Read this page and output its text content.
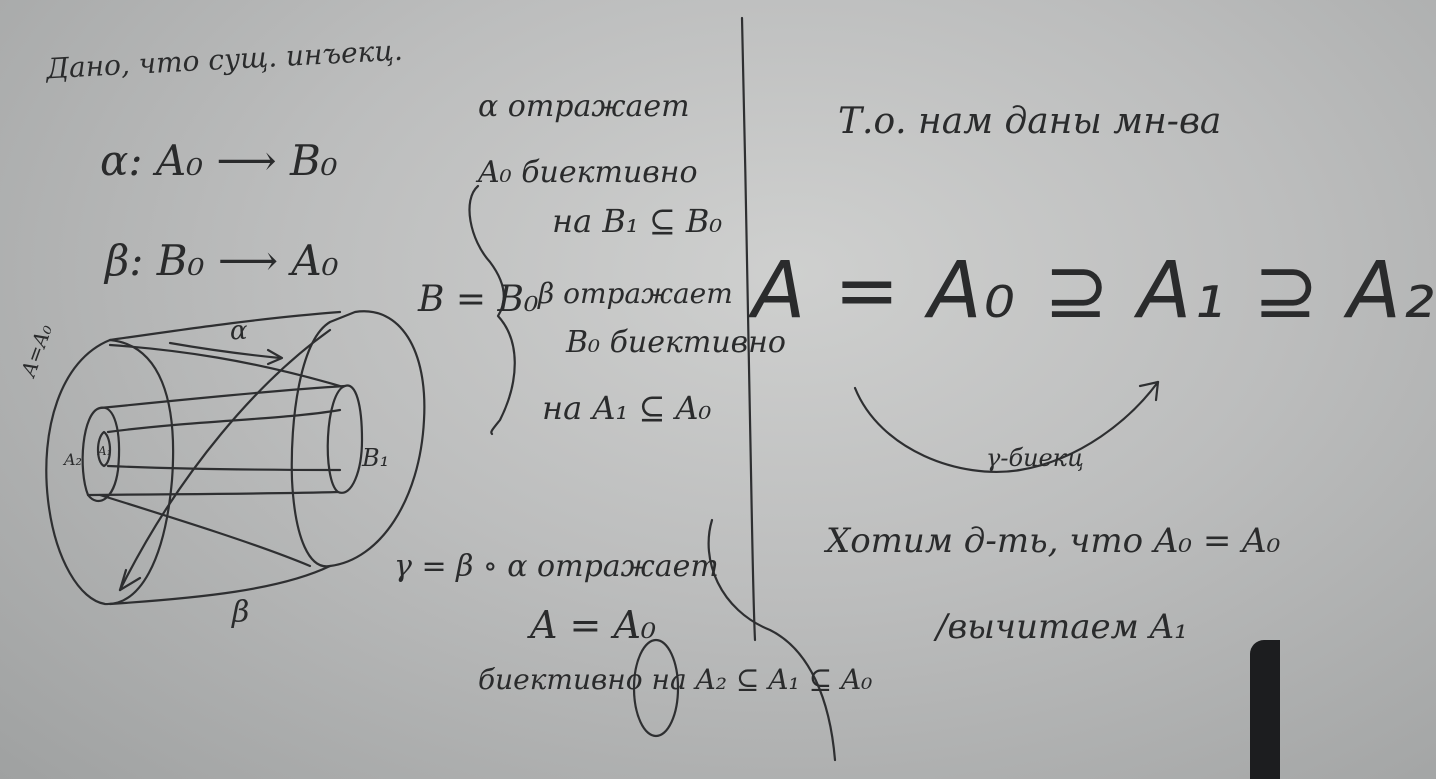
Дано, что сущ. инъекц.
α: A₀ ⟶ B₀
β: B₀ ⟶ A₀
A=A₀
A₂ A₁	B₁
α
β
α отражает
A₀ биективно
на B₁ ⊆ B₀
B = B₀ β отражает
B₀ биективно
на A₁ ⊆ A₀
γ = β ∘ α отражает
A = A₀
биективно на A₂ ⊆ A₁ ⊆ A₀
Т.о. нам даны мн-ва
A = A₀ ⊇ A₁ ⊇ A₂
γ-биекц
Хотим д-ть, что A₀ = A₀
/вычитаем A₁
